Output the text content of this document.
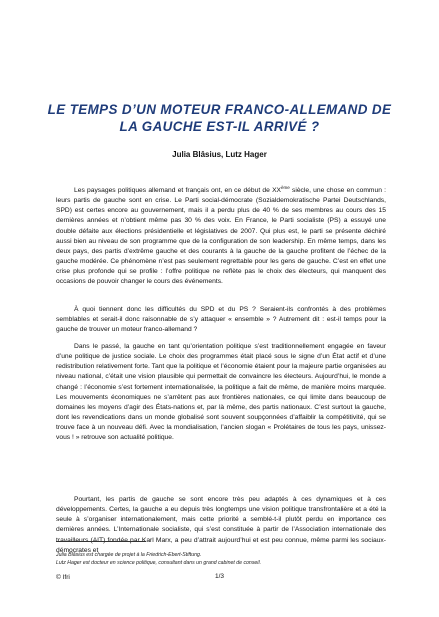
LE TEMPS D’UN MOTEUR FRANCO-ALLEMAND DE
LA GAUCHE EST-IL ARRIVÉ ?
Julia Blâsius, Lutz Hager

Les paysages politiques allemand et français ont, en ce début de XXème siècle, une chose en commun : leurs partis de gauche sont en crise. Le Parti social-démocrate (Sozialdemokratische Partei Deutschlands, SPD) est certes encore au gouvernement, mais il a perdu plus de 40 % de ses membres au cours des 15 dernières années et n’obtient même pas 30 % des voix. En France, le Parti socialiste (PS) a essuyé une double défaite aux élections présidentielle et législatives de 2007. Qui plus est, le parti se présente déchiré aussi bien au niveau de son programme que de la configuration de son leadership. En même temps, dans les deux pays, des partis d’extrême gauche et des courants à la gauche de la gauche profitent de l’échec de la gauche modérée. Ce phénomène n’est pas seulement regrettable pour les gens de gauche. C’est en effet une crise plus profonde qui se profile : l’offre politique ne reflète pas le choix des électeurs, qui manquent des occasions de pouvoir changer le cours des événements.

À quoi tiennent donc les difficultés du SPD et du PS ? Seraient-ils confrontés à des problèmes semblables et serait-il donc raisonnable de s’y attaquer « ensemble » ? Autrement dit : est-il temps pour la gauche de trouver un moteur franco-allemand ?

Dans le passé, la gauche en tant qu’orientation politique s’est traditionnellement engagée en faveur d’une politique de justice sociale. Le choix des programmes était placé sous le signe d’un État actif et d’une redistribution relativement forte. Tant que la politique et l’économie étaient pour la majeure partie organisées au niveau national, c’était une vision plausible qui permettait de convaincre les électeurs. Aujourd’hui, le monde a changé : l’économie s’est fortement internationalisée, la politique a fait de même, de manière moins marquée. Les mouvements économiques ne s’arrêtent pas aux frontières nationales, ce qui limite dans beaucoup de domaines les moyens d’agir des États-nations et, par là même, des partis nationaux. C’est surtout la gauche, dont les revendications dans un monde globalisé sont souvent soupçonnées d’affaiblir la compétitivité, qui se trouve face à un nouveau défi. Avec la mondialisation, l’ancien slogan « Prolétaires de tous les pays, unissez-vous ! » retrouve son actualité politique.

Pourtant, les partis de gauche se sont encore très peu adaptés à ces dynamiques et à ces développements. Certes, la gauche a eu depuis très longtemps une vision politique transfrontalière et a été la seule à s’organiser internationalement, mais cette priorité a semblé-t-il plutôt perdu en importance ces dernières années. L’Internationale socialiste, qui s’est constituée à partir de l’Association internationale des travailleurs (AIT) fondée par Karl Marx, a peu d’attrait aujourd’hui et est peu connue, même parmi les sociaux-démocrates et

Julia Blâsius est chargée de projet à la Friedrich-Ebert-Stiftung.
Lutz Hager est docteur en science politique, consultant dans un grand cabinet de conseil.
© Ifri	1/3
